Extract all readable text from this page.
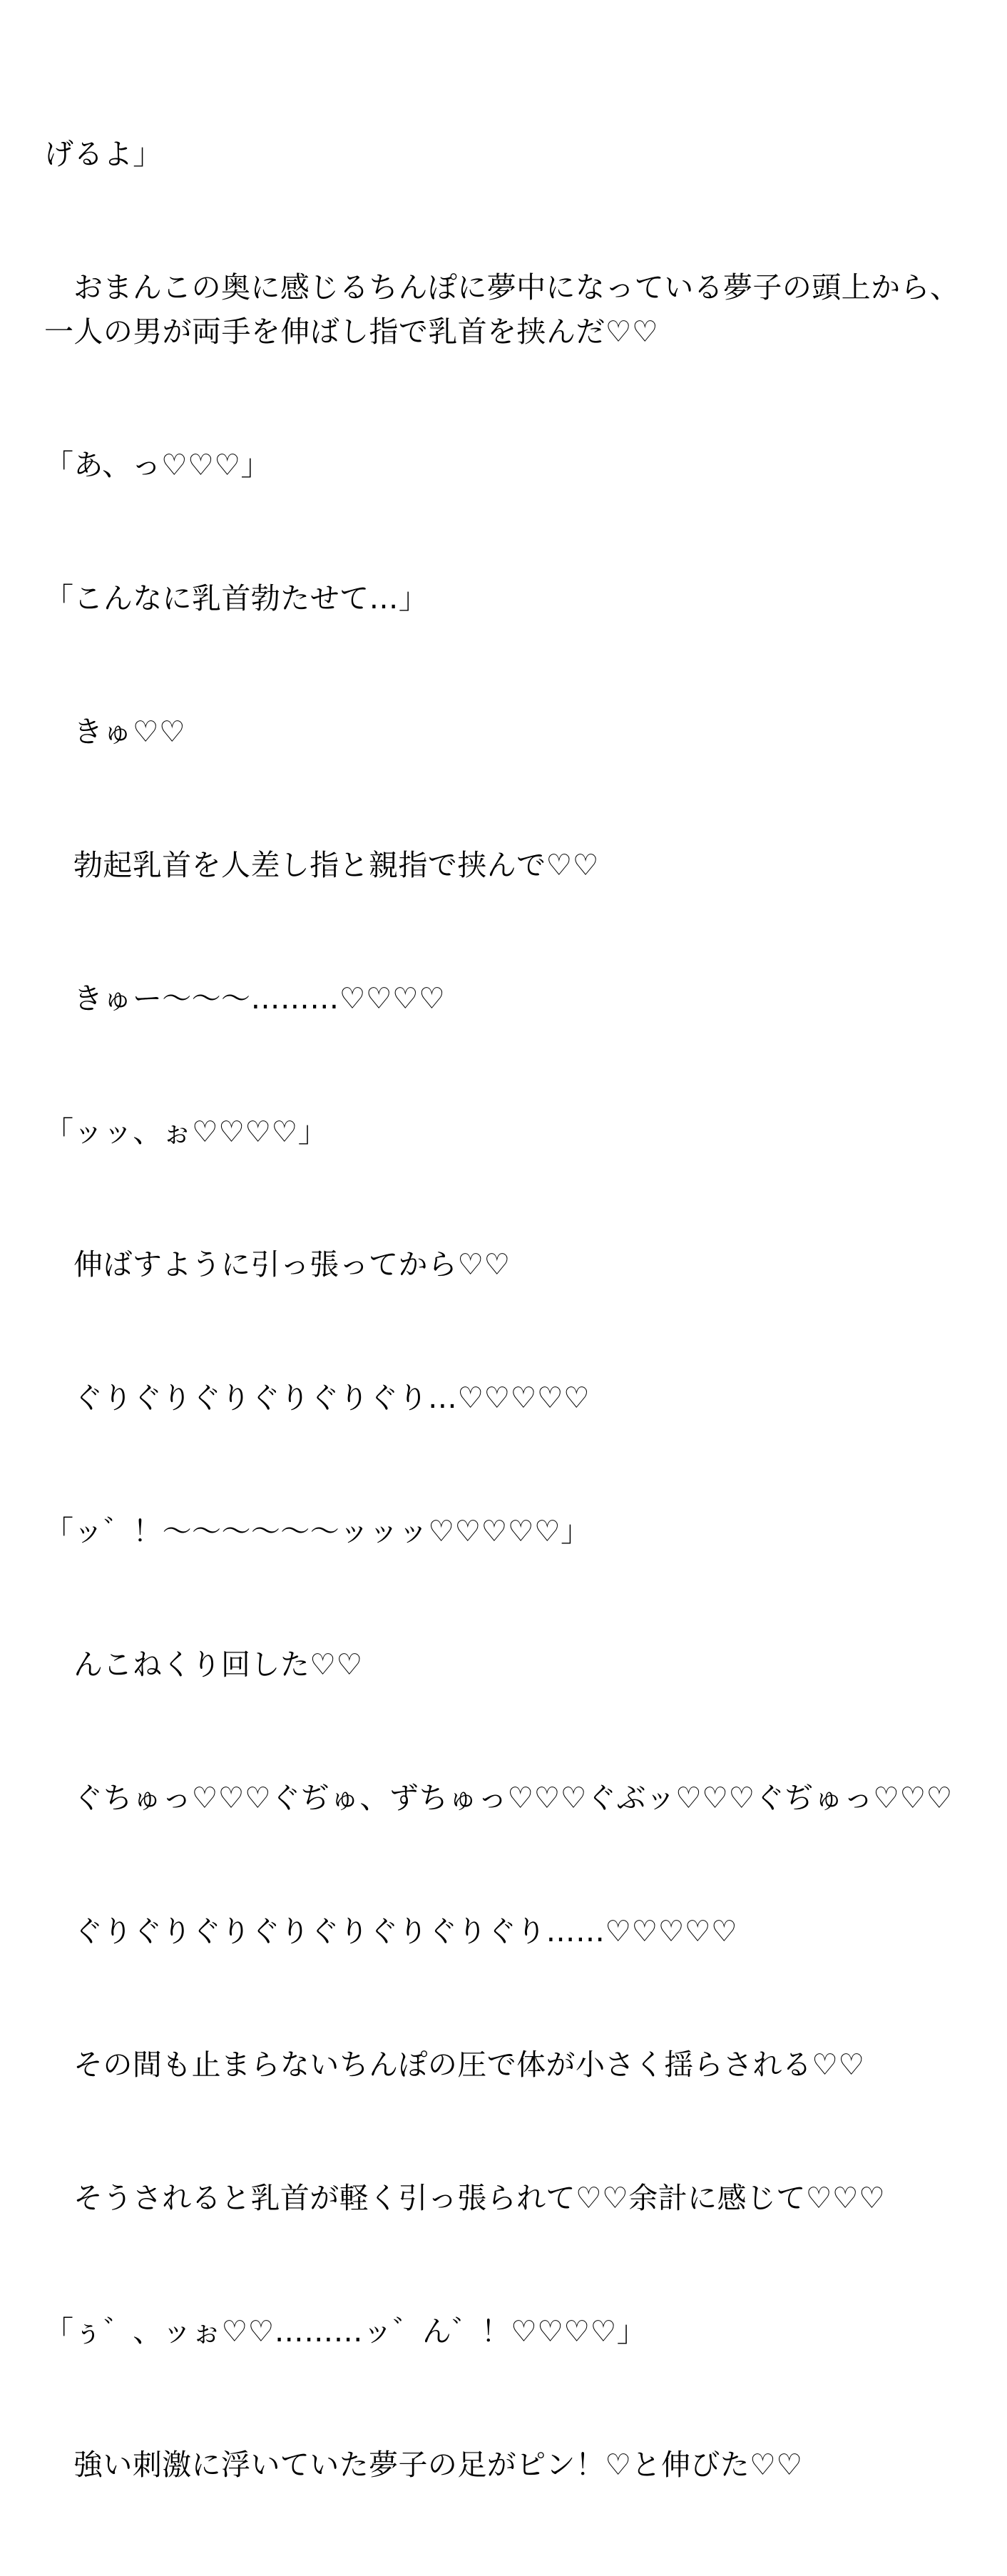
げるよ」

おまんこの奥に感じるちんぽに夢中になっている夢子の頭上から、一人の男が両手を伸ばし指で乳首を挟んだ♡♡

「あ、っ♡♡♡」

「こんなに乳首勃たせて…」

きゅ♡♡

勃起乳首を人差し指と親指で挟んで♡♡

きゅー〜〜〜………♡♡♡♡

「ッッ、ぉ♡♡♡♡」

伸ばすように引っ張ってから♡♡

ぐりぐりぐりぐりぐりぐり…♡♡♡♡♡

「ッ゛！〜〜〜〜〜〜ッッッ♡♡♡♡♡」

んこねくり回した♡♡

ぐちゅっ♡♡♡ぐぢゅ、ずちゅっ♡♡♡ぐぶッ♡♡♡ぐぢゅっ♡♡♡

ぐりぐりぐりぐりぐりぐりぐりぐり……♡♡♡♡♡

その間も止まらないちんぽの圧で体が小さく揺らされる♡♡

そうされると乳首が軽く引っ張られて♡♡余計に感じて♡♡♡

「ぅ゛、ッぉ♡♡………ッ゛ん゛！♡♡♡♡」

強い刺激に浮いていた夢子の足がピン！♡と伸びた♡♡
